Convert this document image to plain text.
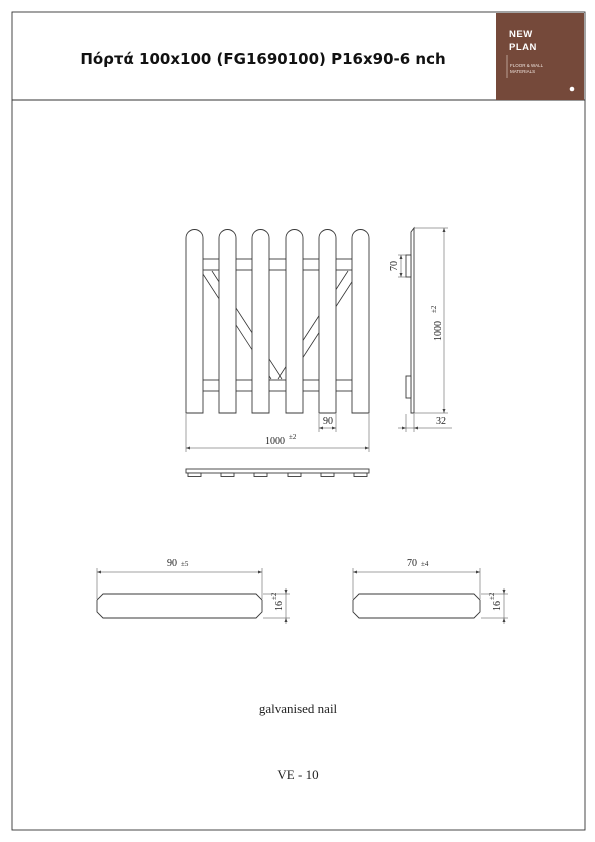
Πόρτά 100x100 (FG1690100) P16x90-6 nch
NEW
PLAN
FLOOR & WALL
MATERIALS
90
1000 ±2
70
1000
±2
32
90 ±5
16
±2
70 ±4
16
±2
galvanised nail
VE - 10
